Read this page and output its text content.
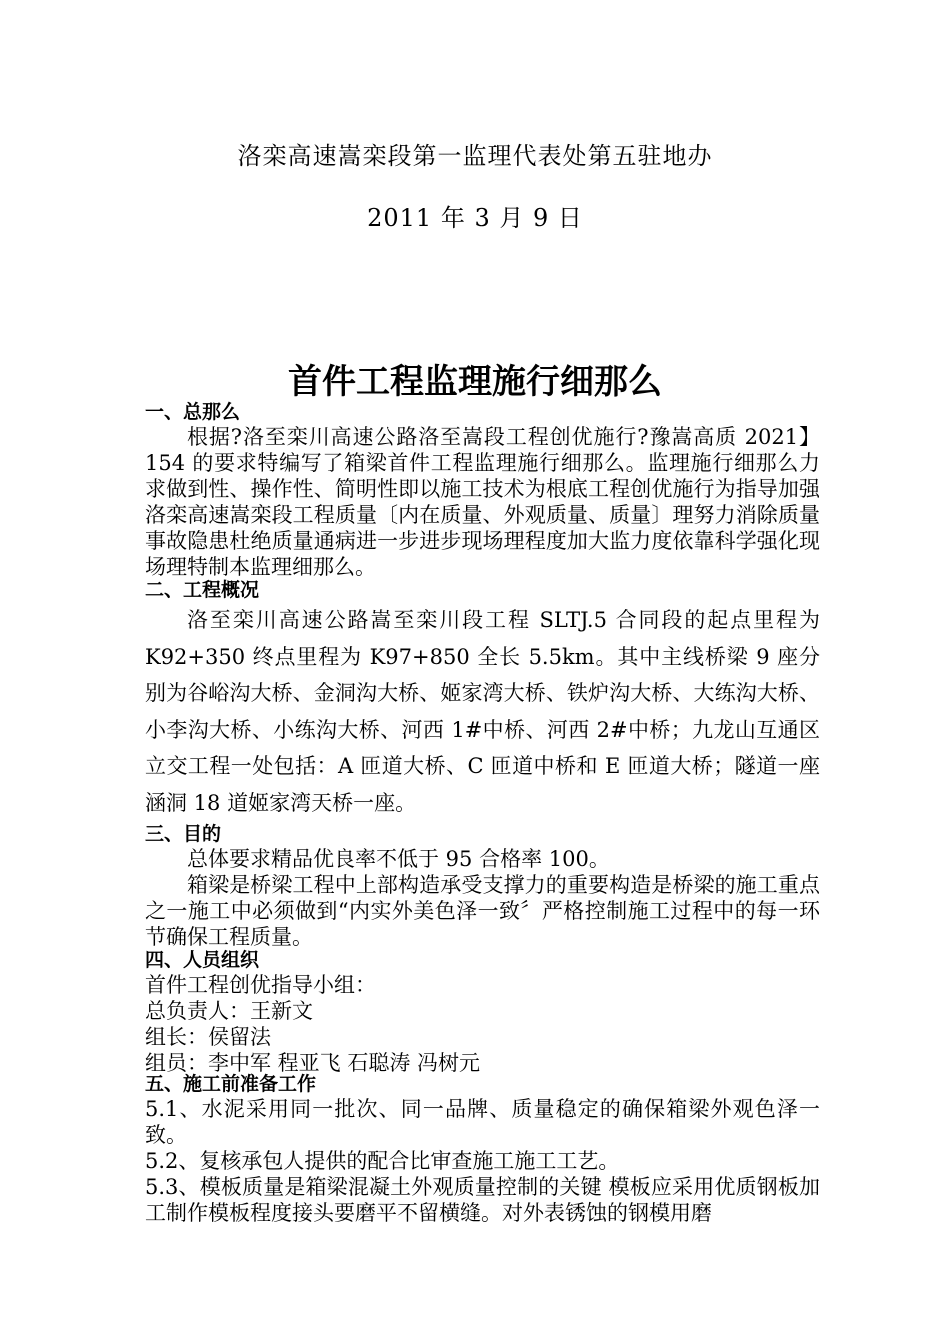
洛栾高速嵩栾段第一监理代表处第五驻地办
2011 年 3 月 9 日
首件工程监理施行细那么
一、总那么
根据?洛至栾川高速公路洛至嵩段工程创优施行?豫嵩高质 2021】154 的要求特编写了箱梁首件工程监理施行细那么。监理施行细那么力求做到性、操作性、简明性即以施工技术为根底工程创优施行为指导加强洛栾高速嵩栾段工程质量〔内在质量、外观质量、质量〕理努力消除质量事故隐患杜绝质量通病进一步进步现场理程度加大监力度依靠科学强化现场理特制本监理细那么。
二、工程概况
洛至栾川高速公路嵩至栾川段工程 SLTJ.5 合同段的起点里程为 K92+350 终点里程为 K97+850 全长 5.5km。其中主线桥梁 9 座分别为谷峪沟大桥、金洞沟大桥、姬家湾大桥、铁炉沟大桥、大练沟大桥、小李沟大桥、小练沟大桥、河西 1#中桥、河西 2#中桥；九龙山互通区立交工程一处包括：A 匝道大桥、C 匝道中桥和 E 匝道大桥；隧道一座涵洞 18 道姬家湾天桥一座。
三、目的
总体要求精品优良率不低于 95 合格率 100。
箱梁是桥梁工程中上部构造承受支撑力的重要构造是桥梁的施工重点之一施工中必须做到“内实外美色泽一致〞严格控制施工过程中的每一环节确保工程质量。
四、人员组织
首件工程创优指导小组：
总负责人：王新文
组长：侯留法
组员：李中军 程亚飞 石聪涛 冯树元
五、施工前准备工作
5.1、水泥采用同一批次、同一品牌、质量稳定的确保箱梁外观色泽一致。
5.2、复核承包人提供的配合比审查施工施工工艺。
5.3、模板质量是箱梁混凝土外观质量控制的关键 模板应采用优质钢板加工制作模板程度接头要磨平不留横缝。对外表锈蚀的钢模用磨
